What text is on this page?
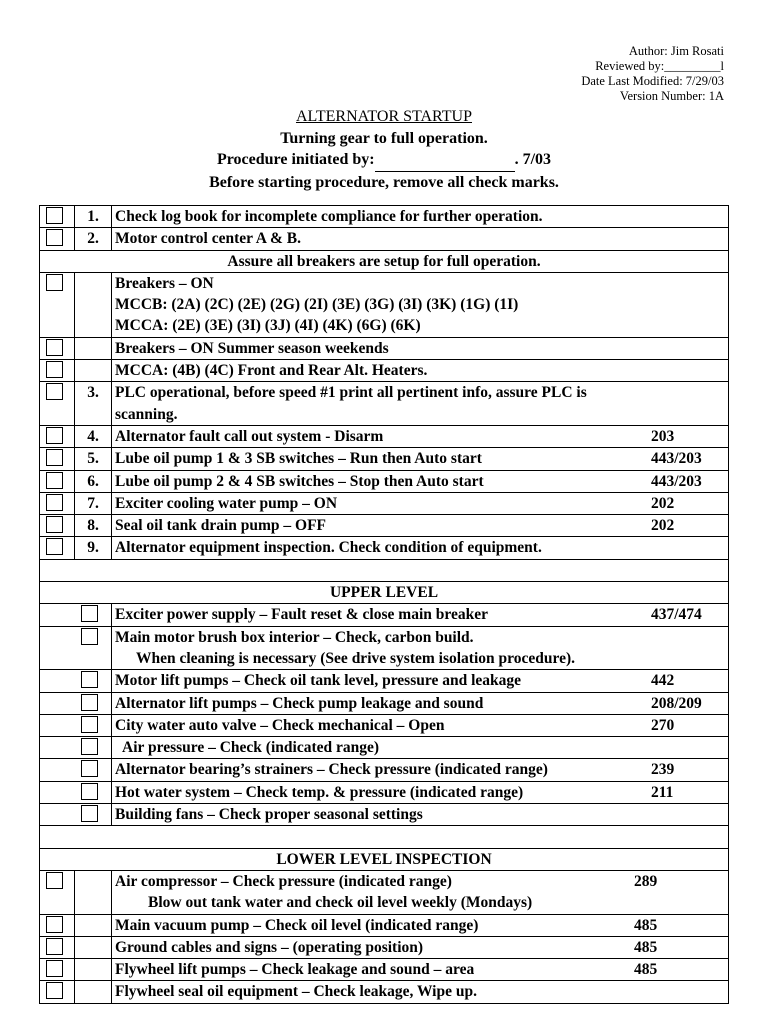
Author: Jim Rosati
Reviewed by:_________l
Date Last Modified: 7/29/03
Version Number: 1A
ALTERNATOR STARTUP
Turning gear to full operation.
Procedure initiated by:	. 7/03
Before starting procedure, remove all check marks.

	1.	Check log book for incomplete compliance for further operation.

	2.	Motor control center A & B.

Assure all breakers are setup for full operation.		

		Breakers – ON
MCCB: (2A) (2C) (2E) (2G) (2I) (3E) (3G) (3I) (3K) (1G) (1I)
MCCA: (2E) (3E) (3I) (3J) (4I) (4K) (6G) (6K)

		Breakers – ON Summer season weekends

		MCCA: (4B) (4C) Front and Rear Alt. Heaters.

	3.	PLC operational, before speed #1 print all pertinent info, assure PLC is
scanning.

	4.	Alternator fault call out system - Disarm 203

	5.	Lube oil pump 1 & 3 SB switches – Run then Auto start 443/203

	6.	Lube oil pump 2 & 4 SB switches – Stop then Auto start 443/203

	7.	Exciter cooling water pump – ON 202

	8.	Seal oil tank drain pump – OFF 202

	9.	Alternator equipment inspection. Check condition of equipment.

UPPER LEVEL		

		Exciter power supply – Fault reset & close main breaker 437/474

		Main motor brush box interior – Check, carbon build.
When cleaning is necessary (See drive system isolation procedure).

		Motor lift pumps – Check oil tank level, pressure and leakage 442

		Alternator lift pumps – Check pump leakage and sound 208/209

		City water auto valve – Check mechanical – Open 270

		Air pressure – Check (indicated range)

		Alternator bearing’s strainers – Check pressure (indicated range) 239

		Hot water system – Check temp. & pressure (indicated range) 211

		Building fans – Check proper seasonal settings

LOWER LEVEL INSPECTION		

		Air compressor – Check pressure (indicated range) 289
Blow out tank water and check oil level weekly (Mondays)

		Main vacuum pump – Check oil level (indicated range) 485

		Ground cables and signs – (operating position) 485

		Flywheel lift pumps – Check leakage and sound – area 485

		Flywheel seal oil equipment – Check leakage, Wipe up.
